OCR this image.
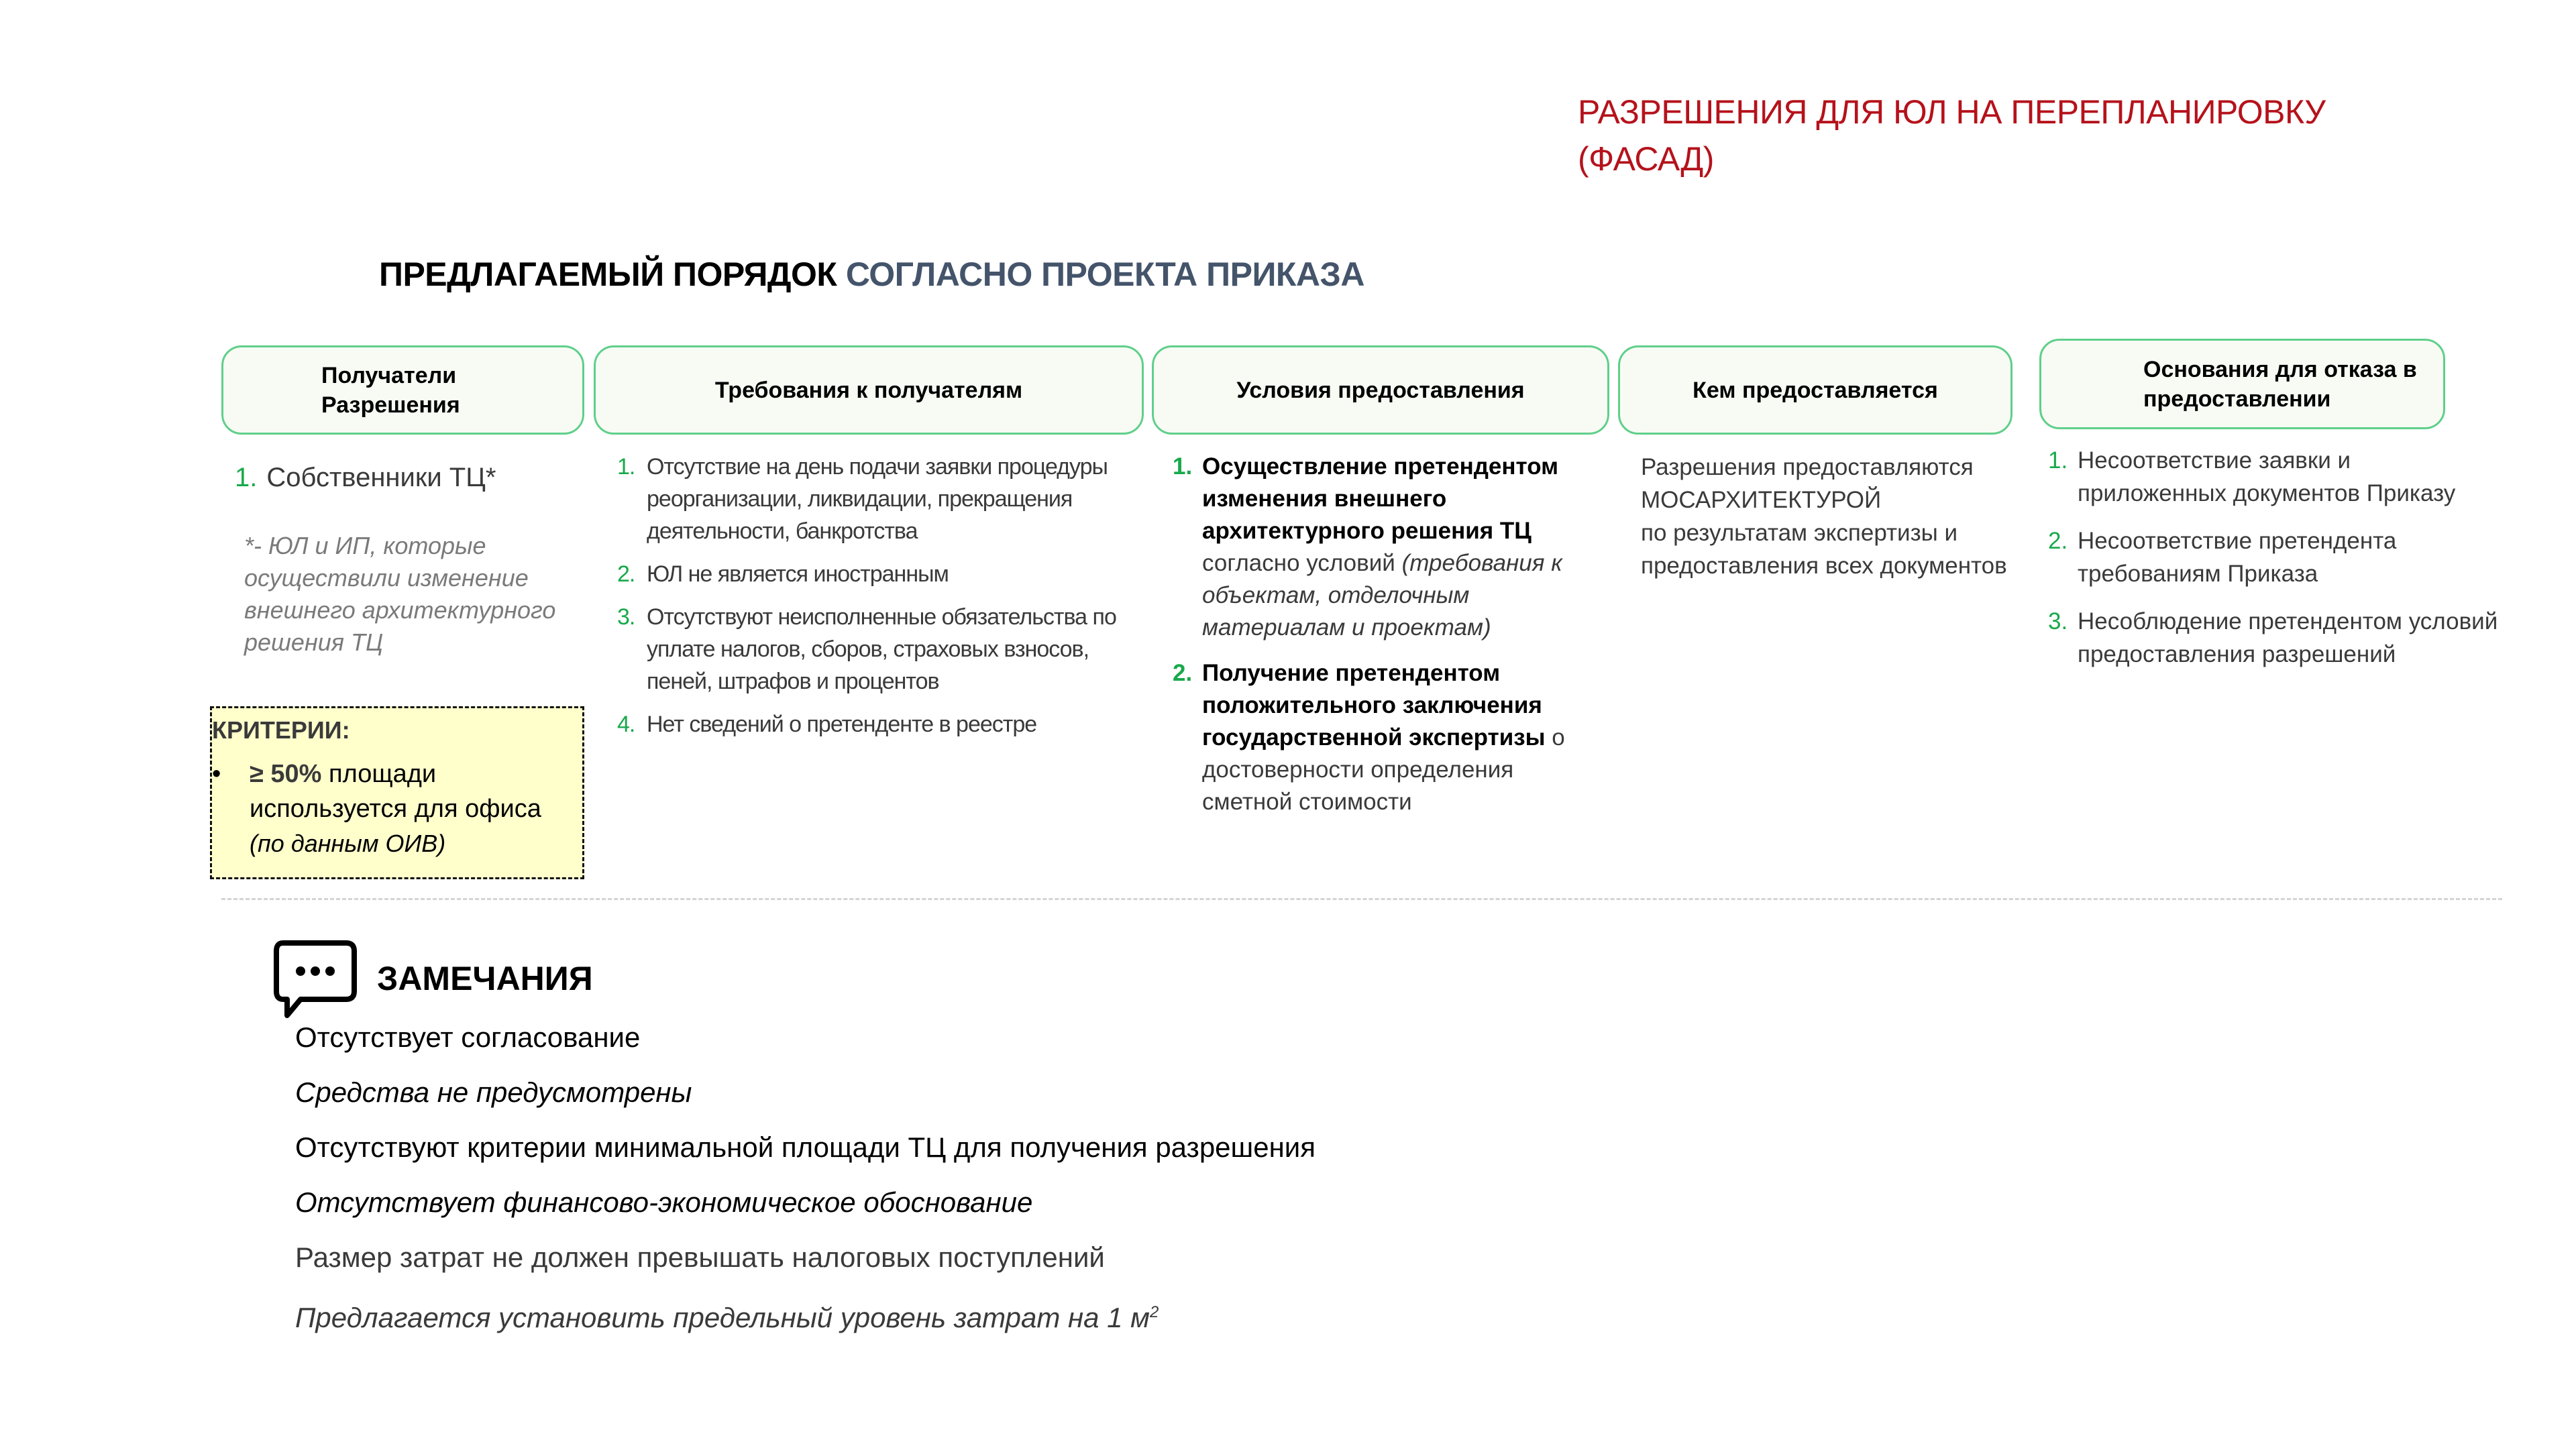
РАЗРЕШЕНИЯ ДЛЯ ЮЛ НА ПЕРЕПЛАНИРОВКУ (ФАСАД)
ПРЕДЛАГАЕМЫЙ ПОРЯДОК СОГЛАСНО ПРОЕКТА ПРИКАЗА
Получатели Разрешения
Требования к получателям	Условия предоставления	Кем предоставляется
Основания для отказа в предоставлении
1. Собственники ТЦ*
*- ЮЛ и ИП, которые осуществили изменение внешнего архитектурного решения ТЦ
КРИТЕРИИ:
• ≥ 50% площади используется для офиса
(по данным ОИВ)
1. Отсутствие на день подачи заявки процедуры реорганизации, ликвидации, прекращения деятельности, банкротства
2. ЮЛ не является иностранным
3. Отсутствуют неисполненные обязательства по уплате налогов, сборов, страховых взносов, пеней, штрафов и процентов
4. Нет сведений о претенденте в реестре
1. Осуществление претендентом изменения внешнего архитектурного решения ТЦ согласно условий (требования к объектам, отделочным материалам и проектам)
2. Получение претендентом положительного заключения государственной экспертизы о достоверности определения сметной стоимости
Разрешения предоставляются
МОСАРХИТЕКТУРОЙ
по результатам экспертизы и предоставления всех документов
1. Несоответствие заявки и приложенных документов Приказу
2. Несоответствие претендента требованиям Приказа
3. Несоблюдение претендентом условий предоставления разрешений
ЗАМЕЧАНИЯ
Отсутствует согласование
Средства не предусмотрены
Отсутствуют критерии минимальной площади ТЦ для получения разрешения
Отсутствует финансово-экономическое обоснование
Размер затрат не должен превышать налоговых поступлений
Предлагается установить предельный уровень затрат на 1 $м^2$
